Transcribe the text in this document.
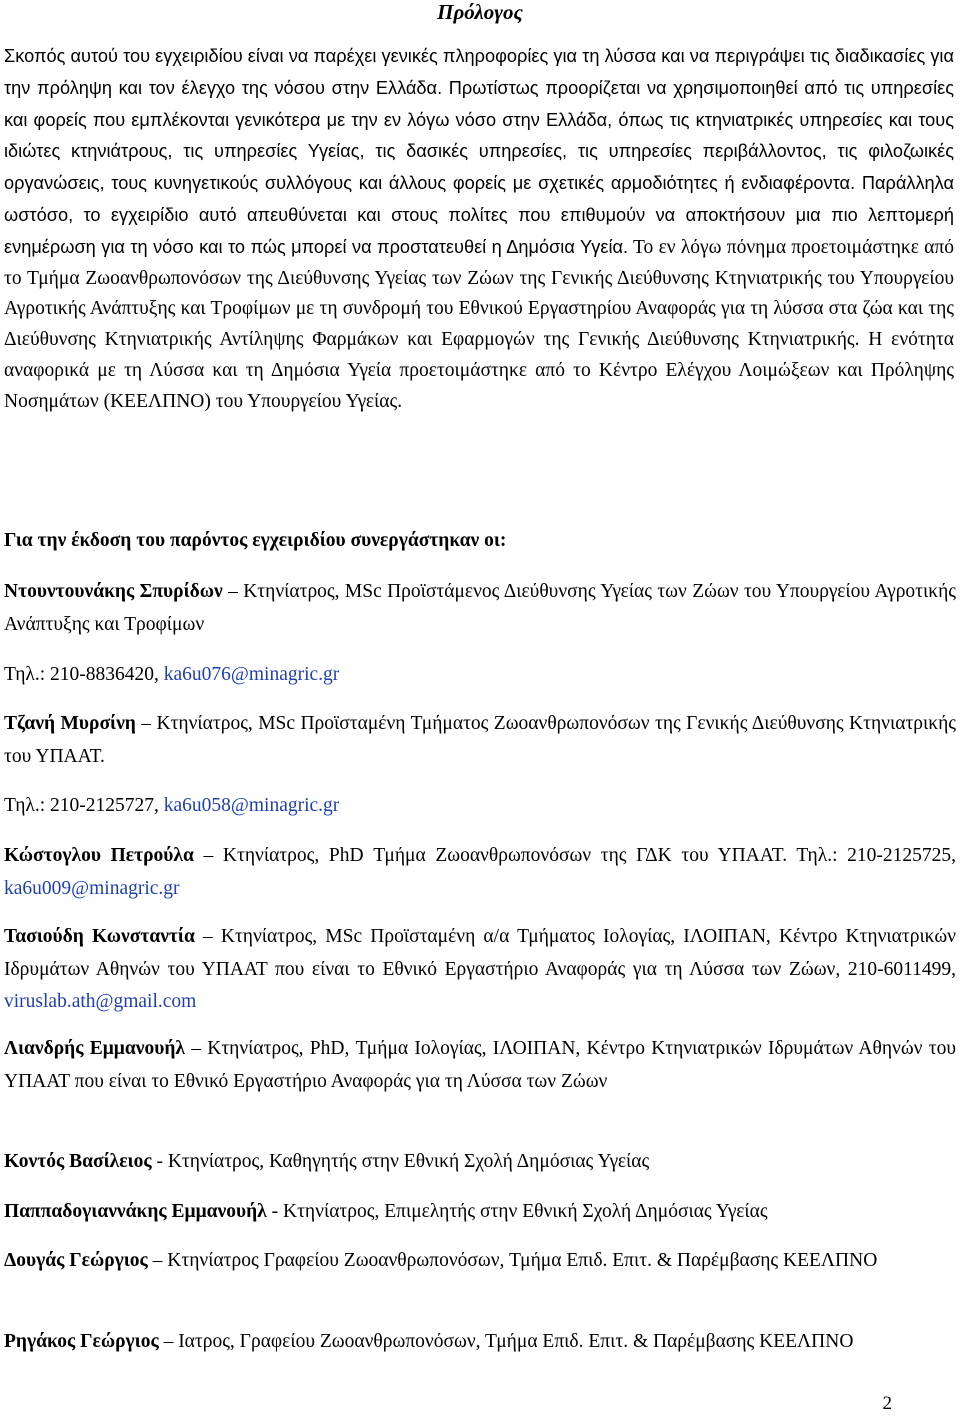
Πρόλογος
Σκοπός αυτού του εγχειριδίου είναι να παρέχει γενικές πληροφορίες για τη λύσσα και να περιγράψει τις διαδικασίες για την πρόληψη και τον έλεγχο της νόσου στην Ελλάδα. Πρωτίστως προορίζεται να χρησιμοποιηθεί από τις υπηρεσίες και φορείς που εμπλέκονται γενικότερα με την εν λόγω νόσο στην Ελλάδα, όπως τις κτηνιατρικές υπηρεσίες και τους ιδιώτες κτηνιάτρους, τις υπηρεσίες Υγείας, τις δασικές υπηρεσίες, τις υπηρεσίες περιβάλλοντος, τις φιλοζωικές οργανώσεις, τους κυνηγετικούς συλλόγους και άλλους φορείς με σχετικές αρμοδιότητες ή ενδιαφέροντα. Παράλληλα ωστόσο, το εγχειρίδιο αυτό απευθύνεται και στους πολίτες που επιθυμούν να αποκτήσουν μια πιο λεπτομερή ενημέρωση για τη νόσο και το πώς μπορεί να προστατευθεί η Δημόσια Υγεία. Το εν λόγω πόνημα προετοιμάστηκε από το Τμήμα Ζωοανθρωπονόσων της Διεύθυνσης Υγείας των Ζώων της Γενικής Διεύθυνσης Κτηνιατρικής του Υπουργείου Αγροτικής Ανάπτυξης και Τροφίμων με τη συνδρομή του Εθνικού Εργαστηρίου Αναφοράς για τη λύσσα στα ζώα και της Διεύθυνσης Κτηνιατρικής Αντίληψης Φαρμάκων και Εφαρμογών της Γενικής Διεύθυνσης Κτηνιατρικής. Η ενότητα αναφορικά με τη Λύσσα και τη Δημόσια Υγεία προετοιμάστηκε από το Κέντρο Ελέγχου Λοιμώξεων και Πρόληψης Νοσημάτων (ΚΕΕΛΠΝΟ) του Υπουργείου Υγείας.
Για την έκδοση του παρόντος εγχειριδίου συνεργάστηκαν οι:
Ντουντουνάκης Σπυρίδων – Κτηνίατρος, MSc Προϊστάμενος Διεύθυνσης Υγείας των Ζώων του Υπουργείου Αγροτικής Ανάπτυξης και Τροφίμων
Τηλ.: 210-8836420, ka6u076@minagric.gr
Τζανή Μυρσίνη – Κτηνίατρος, MSc Προϊσταμένη Τμήματος Ζωοανθρωπονόσων της Γενικής Διεύθυνσης Κτηνιατρικής του ΥΠΑΑΤ.
Τηλ.: 210-2125727, ka6u058@minagric.gr
Κώστογλου Πετρούλα – Κτηνίατρος, PhD Τμήμα Ζωοανθρωπονόσων της ΓΔΚ του ΥΠΑΑΤ. Τηλ.: 210-2125725, ka6u009@minagric.gr
Τασιούδη Κωνσταντία – Κτηνίατρος, MSc Προϊσταμένη α/α Τμήματος Ιολογίας, ΙΛΟΙΠΑΝ, Κέντρο Κτηνιατρικών Ιδρυμάτων Αθηνών του ΥΠΑΑΤ που είναι το Εθνικό Εργαστήριο Αναφοράς για τη Λύσσα των Ζώων, 210-6011499, viruslab.ath@gmail.com
Λιανδρής Εμμανουήλ – Κτηνίατρος, PhD, Τμήμα Ιολογίας, ΙΛΟΙΠΑΝ, Κέντρο Κτηνιατρικών Ιδρυμάτων Αθηνών του ΥΠΑΑΤ που είναι το Εθνικό Εργαστήριο Αναφοράς για τη Λύσσα των Ζώων
Κοντός Βασίλειος - Κτηνίατρος, Καθηγητής στην Εθνική Σχολή Δημόσιας Υγείας
Παππαδογιαννάκης Εμμανουήλ - Κτηνίατρος, Επιμελητής στην Εθνική Σχολή Δημόσιας Υγείας
Δουγάς Γεώργιος – Κτηνίατρος Γραφείου Ζωοανθρωπονόσων, Τμήμα Επιδ. Επιτ. & Παρέμβασης ΚΕΕΛΠΝΟ
Ρηγάκος Γεώργιος – Ιατρος, Γραφείου Ζωοανθρωπονόσων, Τμήμα Επιδ. Επιτ. & Παρέμβασης ΚΕΕΛΠΝΟ
2
